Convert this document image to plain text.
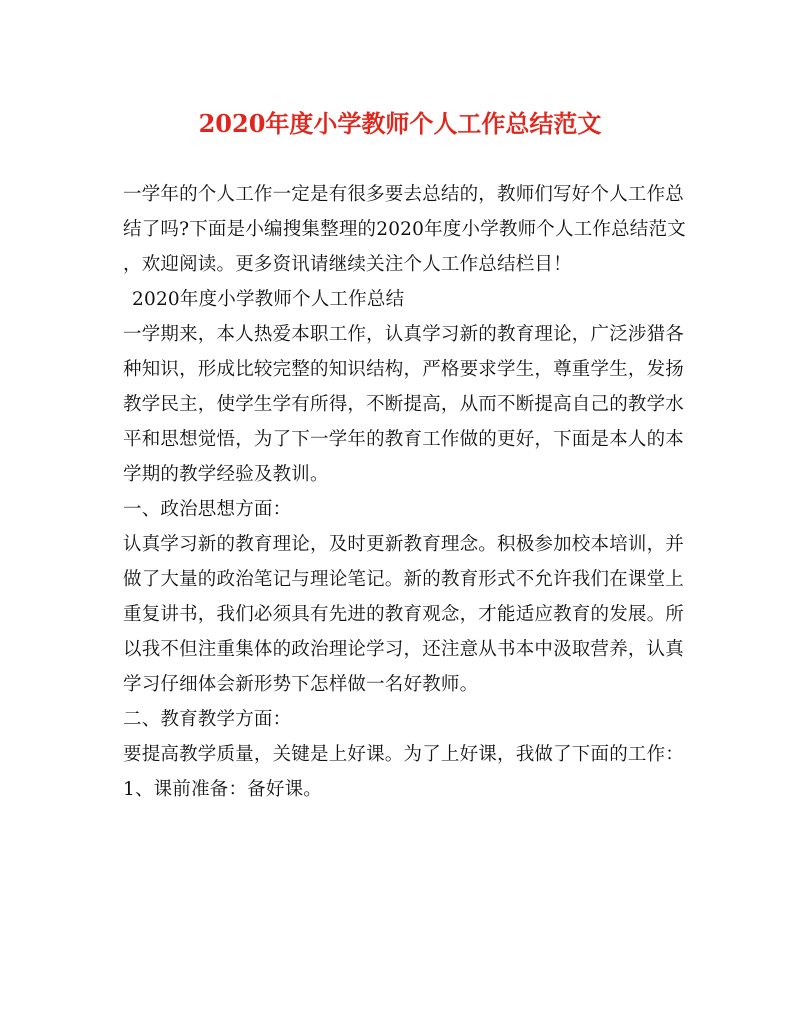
2020年度小学教师个人工作总结范文
一学年的个人工作一定是有很多要去总结的，教师们写好个人工作总
结了吗?下面是小编搜集整理的2020年度小学教师个人工作总结范文
，欢迎阅读。更多资讯请继续关注个人工作总结栏目！
2020年度小学教师个人工作总结
一学期来，本人热爱本职工作，认真学习新的教育理论，广泛涉猎各
种知识，形成比较完整的知识结构，严格要求学生，尊重学生，发扬
教学民主，使学生学有所得，不断提高，从而不断提高自己的教学水
平和思想觉悟，为了下一学年的教育工作做的更好，下面是本人的本
学期的教学经验及教训。
一、政治思想方面：
认真学习新的教育理论，及时更新教育理念。积极参加校本培训，并
做了大量的政治笔记与理论笔记。新的教育形式不允许我们在课堂上
重复讲书，我们必须具有先进的教育观念，才能适应教育的发展。所
以我不但注重集体的政治理论学习，还注意从书本中汲取营养，认真
学习仔细体会新形势下怎样做一名好教师。
二、教育教学方面：
要提高教学质量，关键是上好课。为了上好课，我做了下面的工作：
1、课前准备：备好课。
